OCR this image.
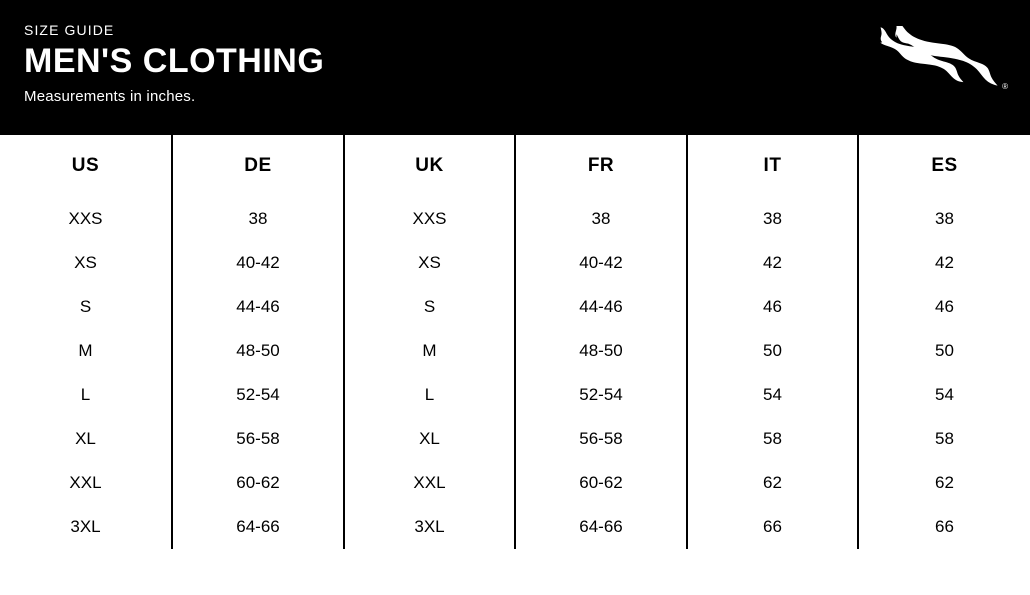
SIZE GUIDE
MEN'S CLOTHING
Measurements in inches.
®
US	DE	UK	FR	IT	ES
XXS	38	XXS	38	38	38
XS	40-42	XS	40-42	42	42
S	44-46	S	44-46	46	46
M	48-50	M	48-50	50	50
L	52-54	L	52-54	54	54
XL	56-58	XL	56-58	58	58
XXL	60-62	XXL	60-62	62	62
3XL	64-66	3XL	64-66	66	66
